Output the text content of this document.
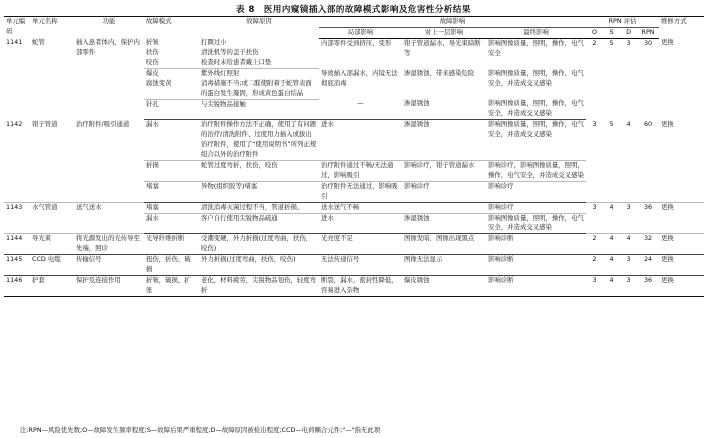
表 8　医用内窥镜插入部的故障模式影响及危害性分析结果
单元编码	单元名称	功能	故障模式	故障原因	故障影响			RPN 评估				维修方式
					局部影响	对上一层影响	最终影响	O	S	D	RPN	
1141	蛇管	插入患者体内，保护内部零件	折皱	打圈过小	内部零件受到挤压、变形	钳子管道漏水，导光束暗断等	影响图像质量，照明，操作，电气安全	2	5	3	30	更换
			扶伤	清洗机等的盖子扶伤								
			咬伤	检查时未给患者戴上口垫								
			爆皮	紫外线灯照射	导致插入部漏水，内镜无法彻底消毒	渗湿锈蚀，带来感染危险	影响图像质量，照明，操作，电气安全，并造成交叉感染					
			腐蚀变黄	消毒措施不当;或二醛使附着于蛇管表面的蛋白发生凝固，形成黄色蛋白结晶								
			针孔	与尖锐物品接触	—	渗湿锈蚀	影响图像质量，照明，操作，电气安全，并造成交叉感染					
1142	钳子管道	治疗附件/吸引通道	漏水	治疗附件操作方法不正确，使用了有问题的治疗/清洗附件、过度用力插入或拔出治疗附件，使用了“使用说明书”所列正规组合以外的治疗附件	进水	渗湿锈蚀	影响图像质量，照明，操作，电气安全，并造成交叉感染	3	5	4	60	更换
			折损	蛇管过度弯折，扶伤，咬伤	治疗附件通过不畅/无法通过，影响吸引	影响诊疗，钳子管道漏水	影响诊疗，影响图像质量，照明，操作，电气安全，并造成交叉感染					
			堵塞	异物(组织胶等)堵塞	治疗附件无法通过，影响吸引	影响诊疗	影响诊疗					
1143	水气管道	送气送水	堵塞	清洗消毒灭菌过程不当，管道折损、	送水送气不畅		影响诊疗	3	4	3	36	更换
			漏水	客户自行使用尖锐物品疏通	进水	渗湿锈蚀	影响图像质量，照明，操作，电气安全，并造成交叉感染					
1144	导光束	将光源发出的光传导至先端，照诊	光导纤维折断	受潮变硬，外力折损(过度弯曲，扶伤，咬伤)	光亮度不足	图像发暗，图像出现黑点	影响诊断	2	4	4	32	更换
1145	CCD 电缆	传输信号	扭伤，折伤，破损	外力折损(过度弯曲，扶伤，咬伤)	无法传递信号	图像无法显示	影响诊断	2	4	3	24	更换
1146	护套	保护及连接作用	折皱，破损，扩张	老化，材料疲劳，尖锐物品划伤，轻度弯折	断裂，漏水，密封性降低，容易进入杂物	爆皮锈蚀	影响诊断	3	4	3	36	更换
注:RPN—风险优先数;O—故障发生频率程度;S—故障后果严重程度;D—故障原因被检出程度;CCD—电荷耦合元件;"—"指无此项
